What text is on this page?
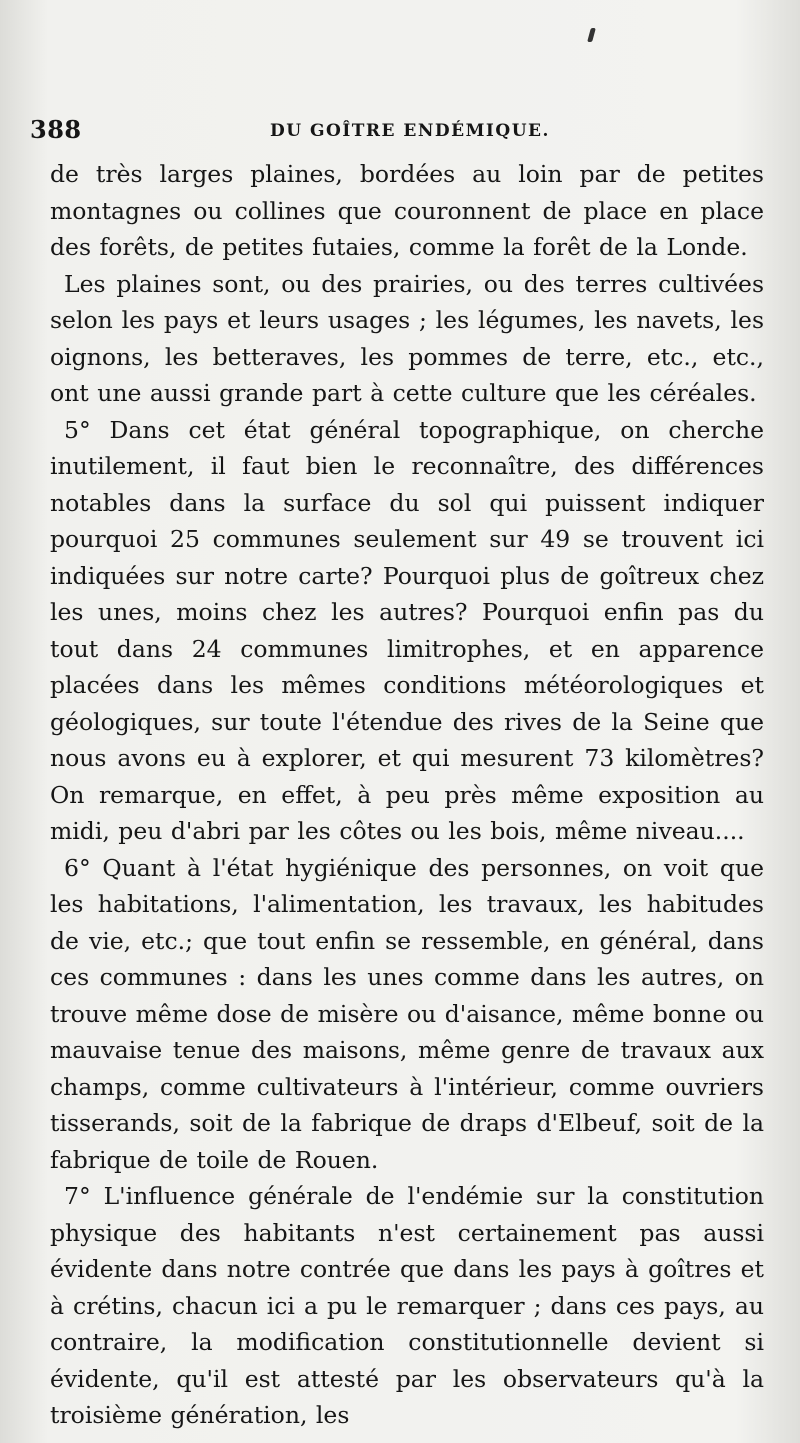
388	DU GOÎTRE ENDÉMIQUE.

de très larges plaines, bordées au loin par de petites montagnes ou collines que couronnent de place en place des forêts, de petites futaies, comme la forêt de la Londe.

Les plaines sont, ou des prairies, ou des terres cultivées selon les pays et leurs usages ; les légumes, les navets, les oignons, les betteraves, les pommes de terre, etc., etc., ont une aussi grande part à cette culture que les céréales.

5° Dans cet état général topographique, on cherche inutilement, il faut bien le reconnaître, des différences notables dans la surface du sol qui puissent indiquer pourquoi 25 communes seulement sur 49 se trouvent ici indiquées sur notre carte? Pourquoi plus de goîtreux chez les unes, moins chez les autres? Pourquoi enfin pas du tout dans 24 communes limitrophes, et en apparence placées dans les mêmes conditions météorologiques et géologiques, sur toute l'étendue des rives de la Seine que nous avons eu à explorer, et qui mesurent 73 kilomètres? On remarque, en effet, à peu près même exposition au midi, peu d'abri par les côtes ou les bois, même niveau....

6° Quant à l'état hygiénique des personnes, on voit que les habitations, l'alimentation, les travaux, les habitudes de vie, etc.; que tout enfin se ressemble, en général, dans ces communes : dans les unes comme dans les autres, on trouve même dose de misère ou d'aisance, même bonne ou mauvaise tenue des maisons, même genre de travaux aux champs, comme cultivateurs à l'intérieur, comme ouvriers tisserands, soit de la fabrique de draps d'Elbeuf, soit de la fabrique de toile de Rouen.

7° L'influence générale de l'endémie sur la constitution physique des habitants n'est certainement pas aussi évidente dans notre contrée que dans les pays à goîtres et à crétins, chacun ici a pu le remarquer ; dans ces pays, au contraire, la modification constitutionnelle devient si évidente, qu'il est attesté par les observateurs qu'à la troisième génération, les
